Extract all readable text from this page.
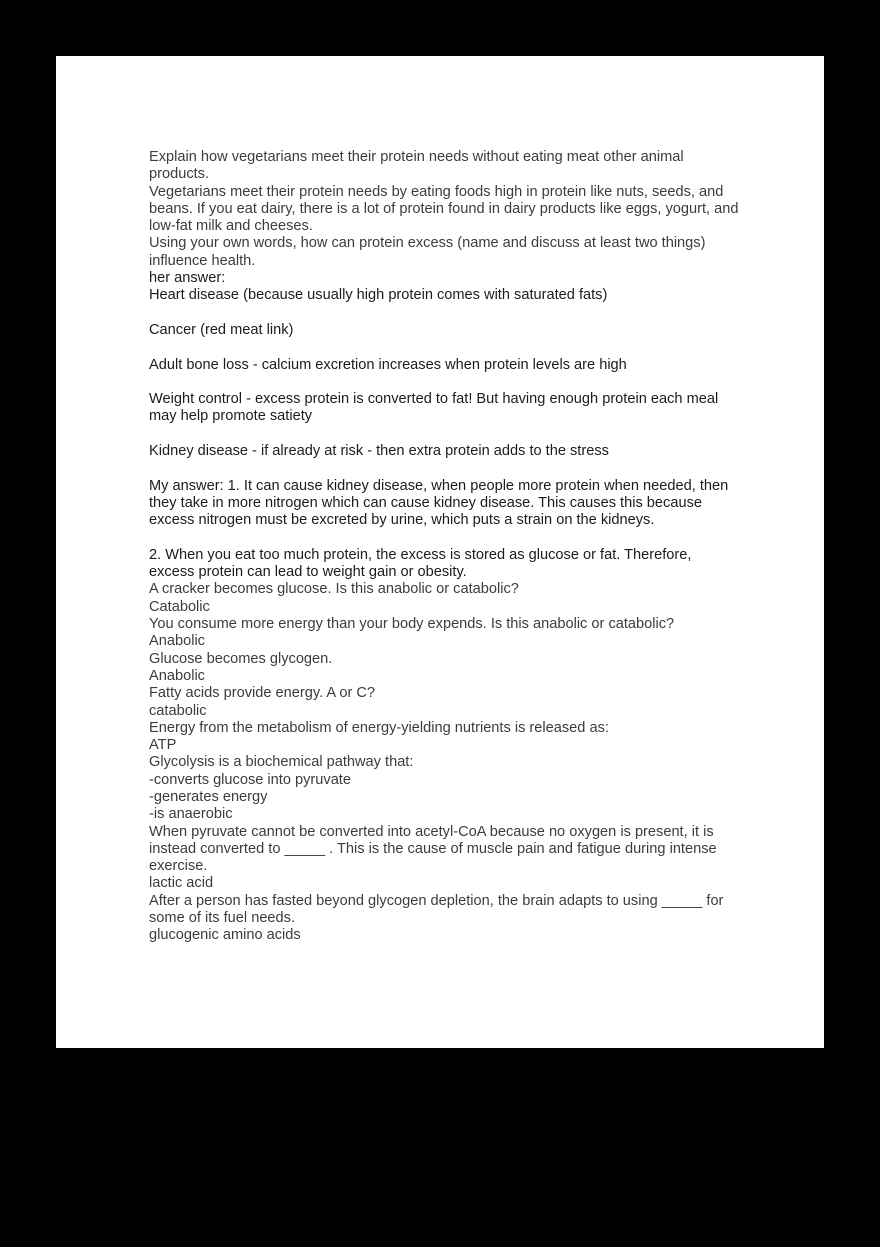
Explain how vegetarians meet their protein needs without eating meat other animal products.

Vegetarians meet their protein needs by eating foods high in protein like nuts, seeds, and beans. If you eat dairy, there is a lot of protein found in dairy products like eggs, yogurt, and low-fat milk and cheeses.

Using your own words, how can protein excess (name and discuss at least two things) influence health.

her answer:

Heart disease (because usually high protein comes with saturated fats)

Cancer (red meat link)

Adult bone loss - calcium excretion increases when protein levels are high

Weight control - excess protein is converted to fat! But having enough protein each meal may help promote satiety

Kidney disease - if already at risk - then extra protein adds to the stress

My answer: 1. It can cause kidney disease, when people more protein when needed, then they take in more nitrogen which can cause kidney disease. This causes this because excess nitrogen must be excreted by urine, which puts a strain on the kidneys.

2. When you eat too much protein, the excess is stored as glucose or fat. Therefore, excess protein can lead to weight gain or obesity.

A cracker becomes glucose. Is this anabolic or catabolic?

Catabolic

You consume more energy than your body expends. Is this anabolic or catabolic?

Anabolic

Glucose becomes glycogen.

Anabolic

Fatty acids provide energy. A or C?

catabolic

Energy from the metabolism of energy-yielding nutrients is released as:

ATP

Glycolysis is a biochemical pathway that:

-converts glucose into pyruvate

-generates energy

-is anaerobic

When pyruvate cannot be converted into acetyl-CoA because no oxygen is present, it is instead converted to _____ . This is the cause of muscle pain and fatigue during intense exercise.

lactic acid

After a person has fasted beyond glycogen depletion, the brain adapts to using _____ for some of its fuel needs.

glucogenic amino acids
